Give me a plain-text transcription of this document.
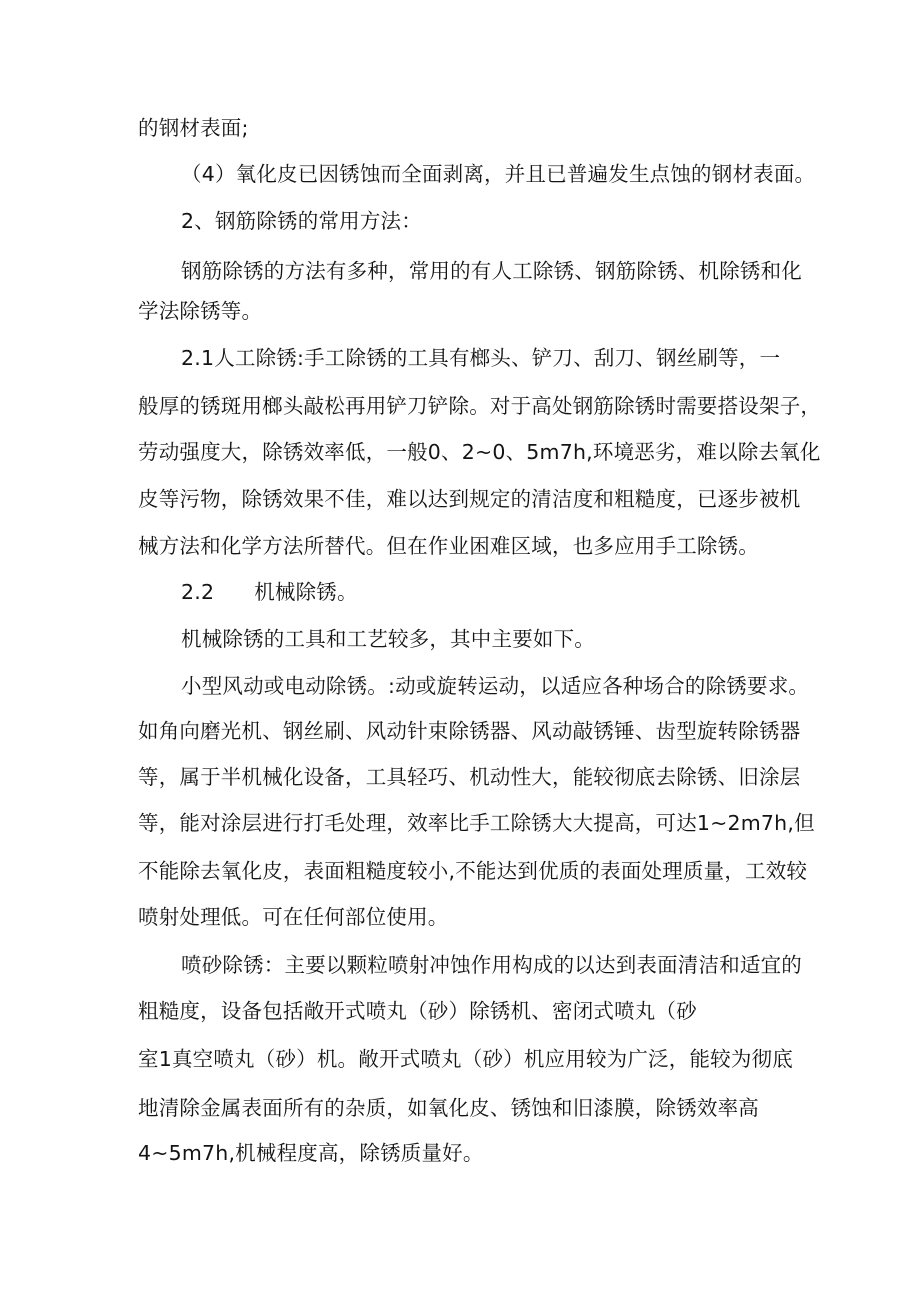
的钢材表面;
（4）氧化皮已因锈蚀而全面剥离，并且已普遍发生点蚀的钢材表面。
2、钢筋除锈的常用方法：
钢筋除锈的方法有多种，常用的有人工除锈、钢筋除锈、机除锈和化
学法除锈等。
2.1人工除锈:手工除锈的工具有榔头、铲刀、刮刀、钢丝刷等，一
般厚的锈斑用榔头敲松再用铲刀铲除。对于高处钢筋除锈时需要搭设架子，
劳动强度大，除锈效率低，一般0、2~0、5m7h,环境恶劣，难以除去氧化
皮等污物，除锈效果不佳，难以达到规定的清洁度和粗糙度，已逐步被机
械方法和化学方法所替代。但在作业困难区域，也多应用手工除锈。
2.2 机械除锈。
机械除锈的工具和工艺较多，其中主要如下。
小型风动或电动除锈。:动或旋转运动，以适应各种场合的除锈要求。
如角向磨光机、钢丝刷、风动针束除锈器、风动敲锈锤、齿型旋转除锈器
等，属于半机械化设备，工具轻巧、机动性大，能较彻底去除锈、旧涂层
等，能对涂层进行打毛处理，效率比手工除锈大大提高，可达1~2m7h,但
不能除去氧化皮，表面粗糙度较小,不能达到优质的表面处理质量，工效较
喷射处理低。可在任何部位使用。
喷砂除锈：主要以颗粒喷射冲蚀作用构成的以达到表面清洁和适宜的
粗糙度，设备包括敞开式喷丸（砂）除锈机、密闭式喷丸（砂
室1真空喷丸（砂）机。敞开式喷丸（砂）机应用较为广泛，能较为彻底
地清除金属表面所有的杂质，如氧化皮、锈蚀和旧漆膜，除锈效率高
4~5m7h,机械程度高，除锈质量好。
